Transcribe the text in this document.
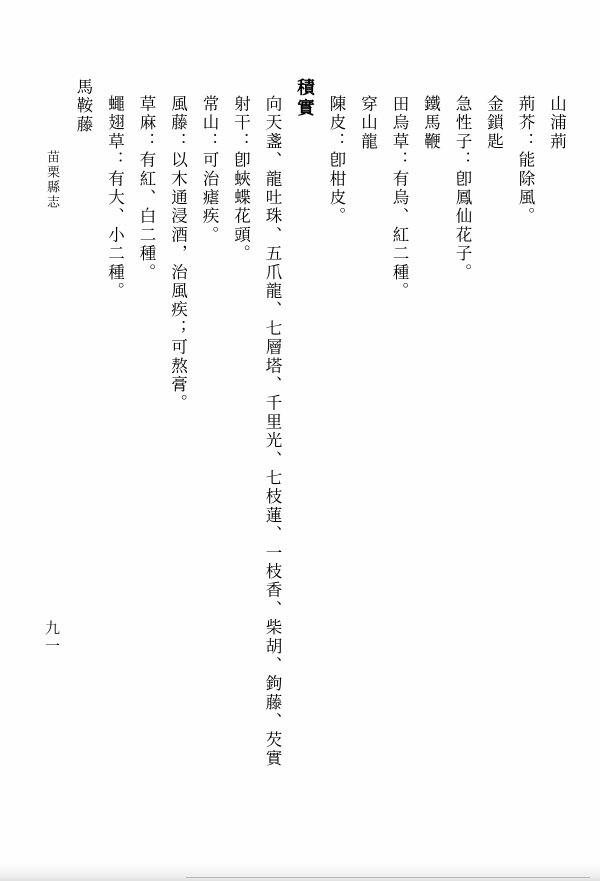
馬鞍藤 蠅翅草：有大、小二種。 草麻：有紅、白二種。 風藤：以木通浸酒，治風疾；可熬膏。 常山：可治瘧疾。 射干：卽蛺蝶花頭。 向天盞、龍吐珠、五爪龍、七層塔、千里光、七枝蓮、一枝香、柴胡、鉤藤、芡實 積實 陳皮：卽柑皮。 穿山龍 田烏草：有烏、紅二種。 鐵馬鞭 急性子：卽鳳仙花子。 金鎖匙 荊芥：能除風。 山浦荊
苗栗縣志
九一
